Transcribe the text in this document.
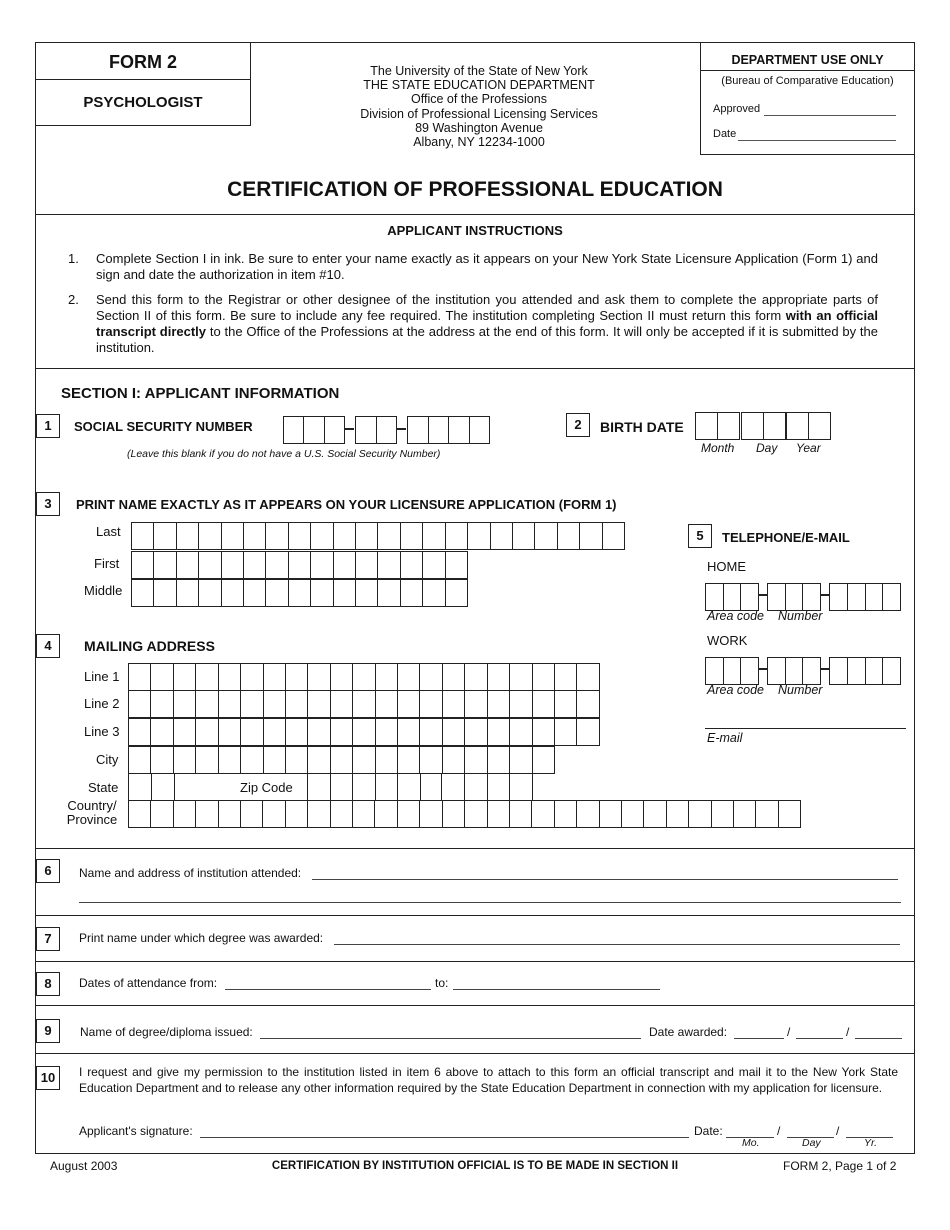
FORM 2
PSYCHOLOGIST
The University of the State of New York
THE STATE EDUCATION DEPARTMENT
Office of the Professions
Division of Professional Licensing Services
89 Washington Avenue
Albany, NY 12234-1000
DEPARTMENT USE ONLY
(Bureau of Comparative Education)
Approved
Date
CERTIFICATION OF PROFESSIONAL EDUCATION
APPLICANT INSTRUCTIONS
1. Complete Section I in ink. Be sure to enter your name exactly as it appears on your New York State Licensure Application (Form 1) and sign and date the authorization in item #10.
2. Send this form to the Registrar or other designee of the institution you attended and ask them to complete the appropriate parts of Section II of this form. Be sure to include any fee required. The institution completing Section II must return this form with an official transcript directly to the Office of the Professions at the address at the end of this form. It will only be accepted if it is submitted by the institution.
SECTION I: APPLICANT INFORMATION
1	SOCIAL SECURITY NUMBER
(Leave this blank if you do not have a U.S. Social Security Number)
2	BIRTH DATE
Month Day Year
3	PRINT NAME EXACTLY AS IT APPEARS ON YOUR LICENSURE APPLICATION (FORM 1)
Last
First
Middle
4	MAILING ADDRESS
Line 1
Line 2
Line 3
City
State	Zip Code
Country/
Province
5	TELEPHONE/E-MAIL
HOME
Area code Number
WORK
Area code Number
E-mail
6	Name and address of institution attended:
7	Print name under which degree was awarded:
8	Dates of attendance from:	to:
9	Name of degree/diploma issued:	Date awarded:	/	/
10	I request and give my permission to the institution listed in item 6 above to attach to this form an official transcript and mail it to the New York State Education Department and to release any other information required by the State Education Department in connection with my application for licensure.
Applicant's signature:	Date:	/	/
Mo.	Day	Yr.
August 2003	CERTIFICATION BY INSTITUTION OFFICIAL IS TO BE MADE IN SECTION II	FORM 2, Page 1 of 2
